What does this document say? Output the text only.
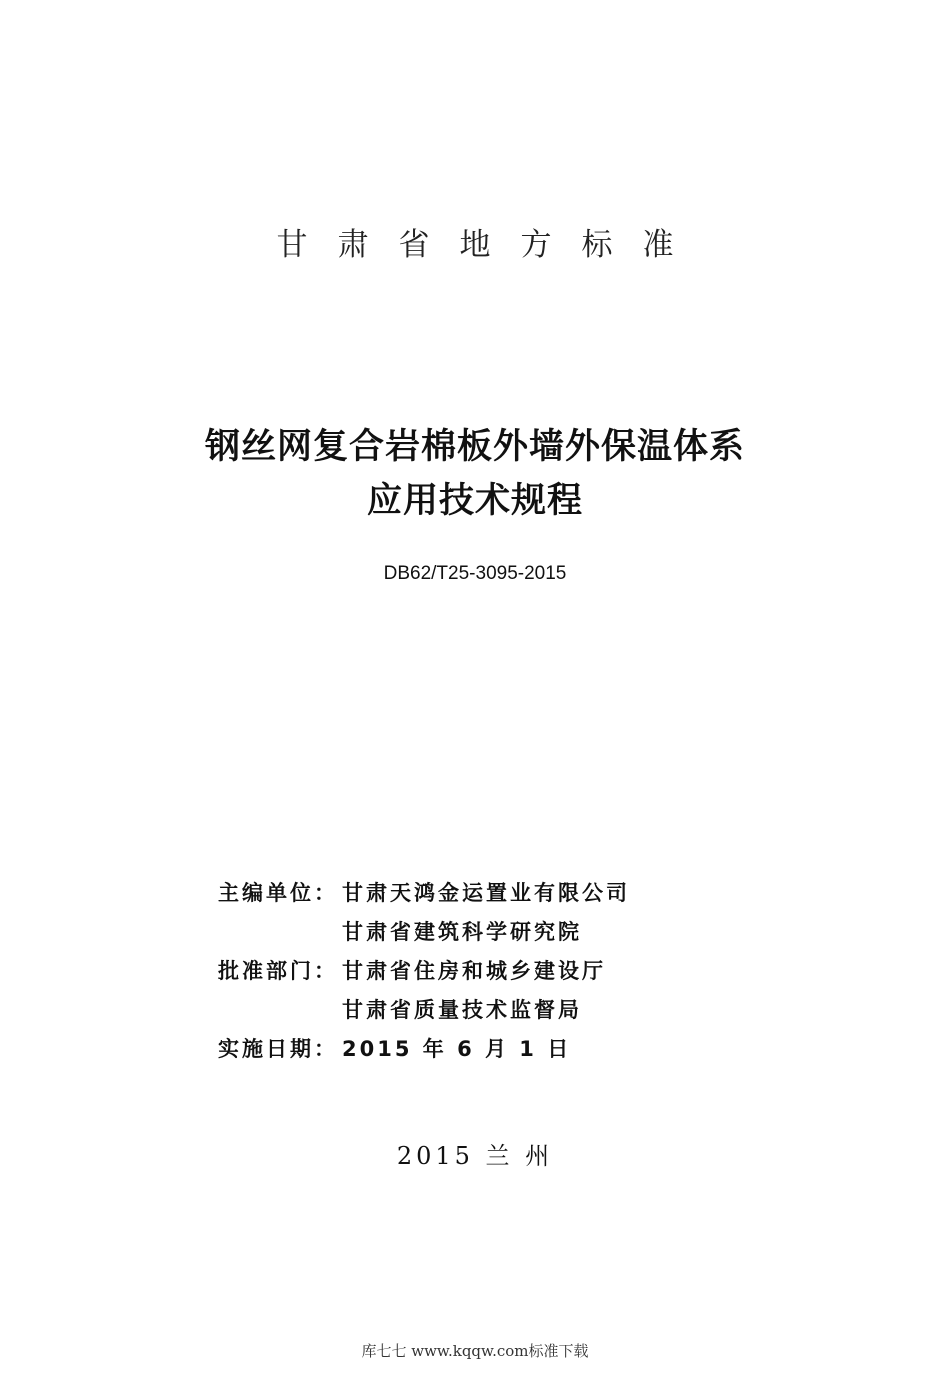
甘肃省地方标准
钢丝网复合岩棉板外墙外保温体系
应用技术规程
DB62/T25-3095-2015
主编单位： 甘肃天鸿金运置业有限公司
甘肃省建筑科学研究院
批准部门： 甘肃省住房和城乡建设厅
甘肃省质量技术监督局
实施日期： 2015 年 6 月 1 日
2015 兰 州
库七七 www.kqqw.com标准下载
